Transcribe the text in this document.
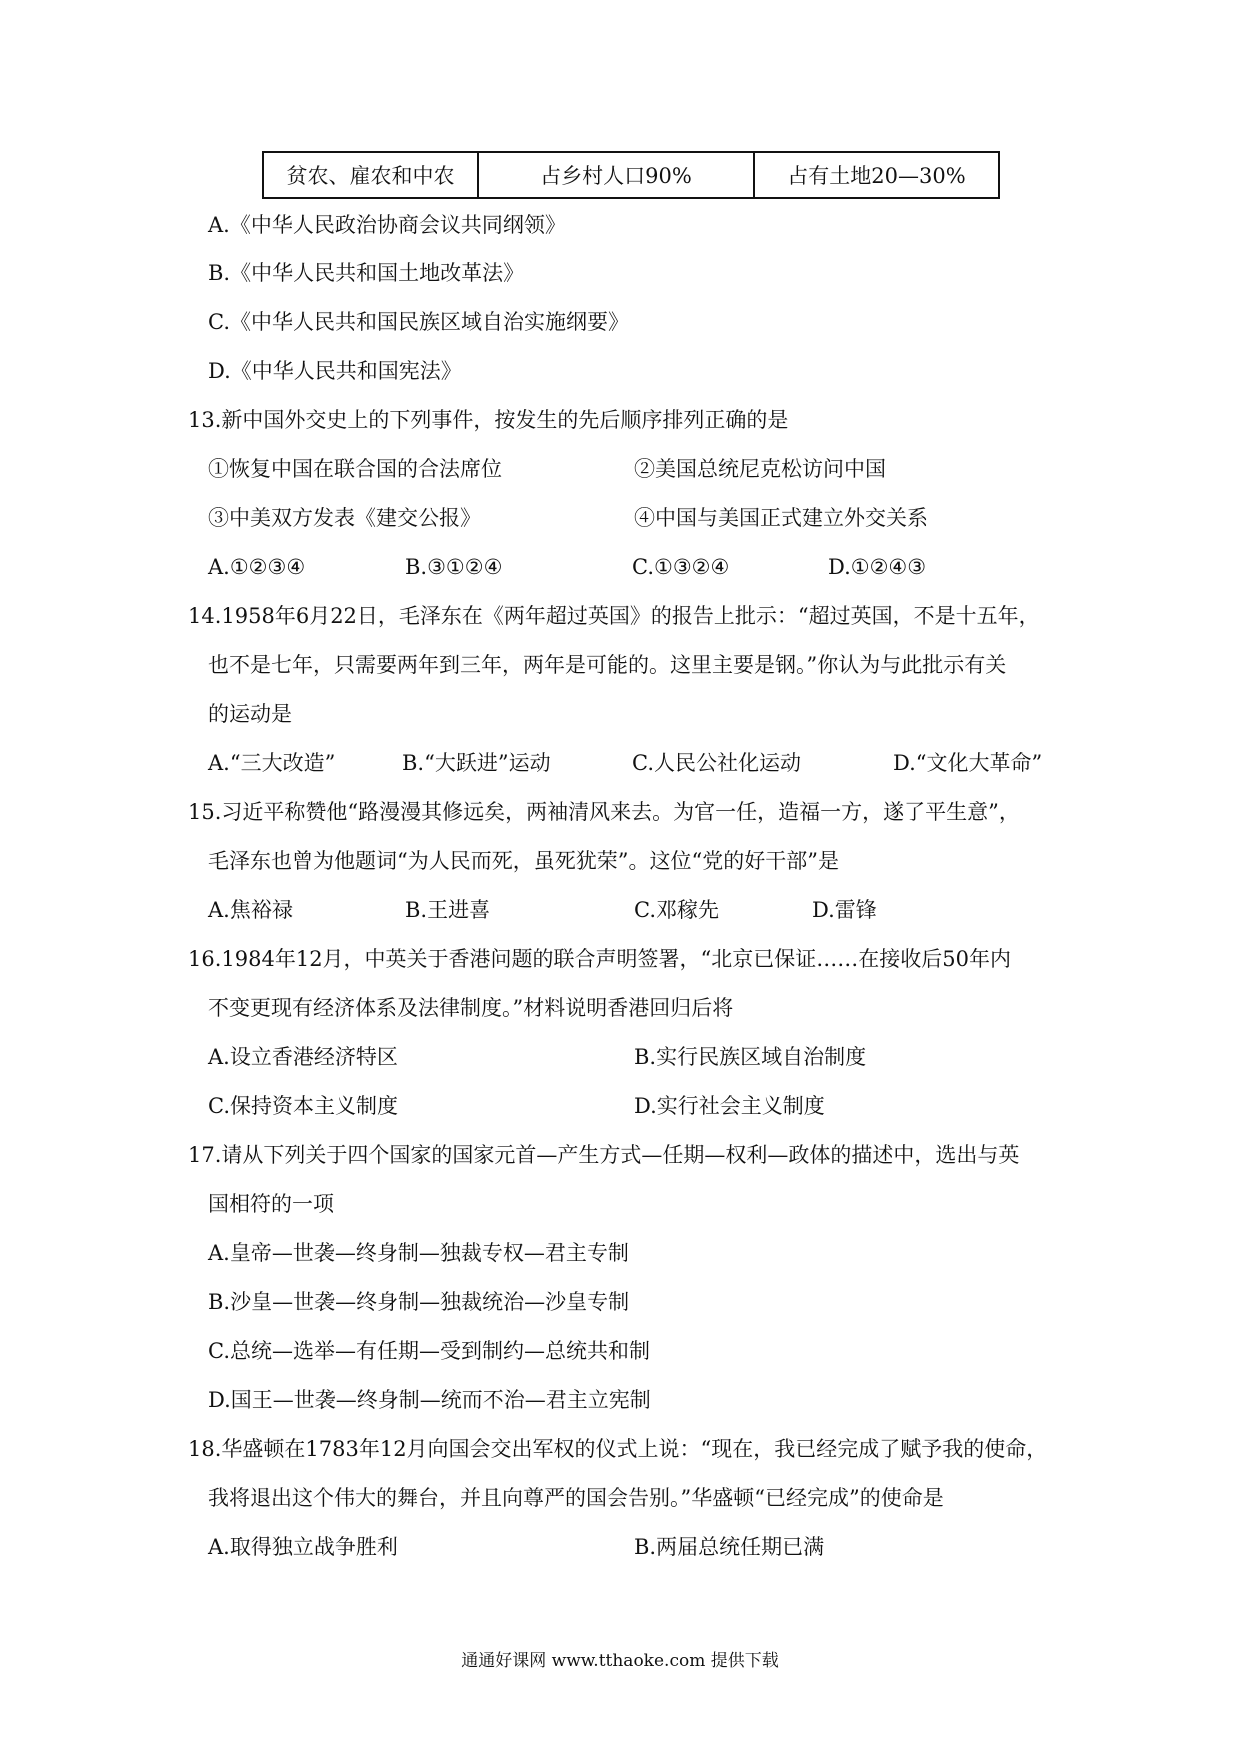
贫农、雇农和中农	占乡村人口90%	占有土地20—30%
A.《中华人民政治协商会议共同纲领》
B.《中华人民共和国土地改革法》
C.《中华人民共和国民族区域自治实施纲要》
D.《中华人民共和国宪法》
13.新中国外交史上的下列事件，按发生的先后顺序排列正确的是
①恢复中国在联合国的合法席位	②美国总统尼克松访问中国
③中美双方发表《建交公报》	④中国与美国正式建立外交关系
A.①②③④	B.③①②④	C.①③②④	D.①②④③
14.1958年6月22日，毛泽东在《两年超过英国》的报告上批示：“超过英国，不是十五年，
也不是七年，只需要两年到三年，两年是可能的。这里主要是钢。”你认为与此批示有关
的运动是
A.“三大改造”	B.“大跃进”运动	C.人民公社化运动	D.“文化大革命”
15.习近平称赞他“路漫漫其修远矣，两袖清风来去。为官一任，造福一方，遂了平生意”，
毛泽东也曾为他题词“为人民而死，虽死犹荣”。这位“党的好干部”是
A.焦裕禄	B.王进喜	C.邓稼先	D.雷锋
16.1984年12月，中英关于香港问题的联合声明签署，“北京已保证……在接收后50年内
不变更现有经济体系及法律制度。”材料说明香港回归后将
A.设立香港经济特区	B.实行民族区域自治制度
C.保持资本主义制度	D.实行社会主义制度
17.请从下列关于四个国家的国家元首—产生方式—任期—权利—政体的描述中，选出与英
国相符的一项
A.皇帝—世袭—终身制—独裁专权—君主专制
B.沙皇—世袭—终身制—独裁统治—沙皇专制
C.总统—选举—有任期—受到制约—总统共和制
D.国王—世袭—终身制—统而不治—君主立宪制
18.华盛顿在1783年12月向国会交出军权的仪式上说：“现在，我已经完成了赋予我的使命，
我将退出这个伟大的舞台，并且向尊严的国会告别。”华盛顿“已经完成”的使命是
A.取得独立战争胜利	B.两届总统任期已满
通通好课网 www.tthaoke.com 提供下载
